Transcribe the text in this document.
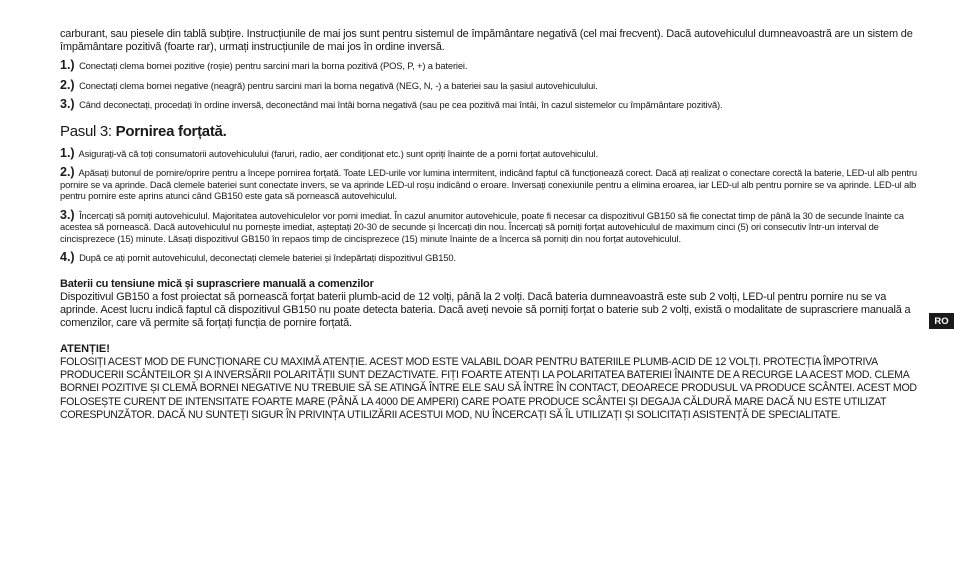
carburant, sau piesele din tablă subțire. Instrucțiunile de mai jos sunt pentru sistemul de împământare negativă (cel mai frecvent). Dacă autovehiculul dumneavoastră are un sistem de împământare pozitivă (foarte rar), urmați instrucțiunile de mai jos în ordine inversă.

1.) Conectați clema bornei pozitive (roșie) pentru sarcini mari la borna pozitivă (POS, P, +) a bateriei.

2.) Conectați clema bornei negative (neagră) pentru sarcini mari la borna negativă (NEG, N, -) a bateriei sau la șasiul autovehiculului.

3.) Când deconectați, procedați în ordine inversă, deconectând mai întâi borna negativă (sau pe cea pozitivă mai întâi, în cazul sistemelor cu împământare pozitivă).

Pasul 3: Pornirea forțată.

1.) Asigurați-vă că toți consumatorii autovehiculului (faruri, radio, aer condiționat etc.) sunt opriți înainte de a porni forțat autovehiculul.

2.) Apăsați butonul de pornire/oprire pentru a începe pornirea forțată. Toate LED-urile vor lumina intermitent, indicând faptul că funcționează corect. Dacă ați realizat o conectare corectă la baterie, LED-ul alb pentru pornire se va aprinde. Dacă clemele bateriei sunt conectate invers, se va aprinde LED-ul roșu indicând o eroare. Inversați conexiunile pentru a elimina eroarea, iar LED-ul alb pentru pornire se va aprinde. LED-ul alb pentru pornire este aprins atunci când GB150 este gata să pornească autovehiculul.

3.) Încercați să porniți autovehiculul. Majoritatea autovehiculelor vor porni imediat. În cazul anumitor autovehicule, poate fi necesar ca dispozitivul GB150 să fie conectat timp de până la 30 de secunde înainte ca acestea să pornească. Dacă autovehiculul nu pornește imediat, așteptați 20-30 de secunde și încercați din nou. Încercați să porniți forțat autovehiculul de maximum cinci (5) ori consecutiv într-un interval de cincisprezece (15) minute. Lăsați dispozitivul GB150 în repaos timp de cincisprezece (15) minute înainte de a încerca să porniți din nou forțat autovehiculul.

4.) După ce ați pornit autovehiculul, deconectați clemele bateriei și îndepărtați dispozitivul GB150.

Baterii cu tensiune mică și suprascriere manuală a comenzilor

Dispozitivul GB150 a fost proiectat să pornească forțat baterii plumb-acid de 12 volți, până la 2 volți. Dacă bateria dumneavoastră este sub 2 volți, LED-ul pentru pornire nu se va aprinde. Acest lucru indică faptul că dispozitivul GB150 nu poate detecta bateria. Dacă aveți nevoie să porniți forțat o baterie sub 2 volți, există o modalitate de suprascriere manuală a comenzilor, care vă permite să forțați funcția de pornire forțată.

ATENȚIE!

FOLOSIȚI ACEST MOD DE FUNCȚIONARE CU MAXIMĂ ATENȚIE. ACEST MOD ESTE VALABIL DOAR PENTRU BATERIILE PLUMB-ACID DE 12 VOLȚI. PROTECȚIA ÎMPOTRIVA PRODUCERII SCÂNTEILOR ȘI A INVERSĂRII POLARITĂȚII SUNT DEZACTIVATE. FIȚI FOARTE ATENȚI LA POLARITATEA BATERIEI ÎNAINTE DE A RECURGE LA ACEST MOD. CLEMA BORNEI POZITIVE ȘI CLEMĂ BORNEI NEGATIVE NU TREBUIE SĂ SE ATINGĂ ÎNTRE ELE SAU SĂ ÎNTRE ÎN CONTACT, DEOARECE PRODUSUL VA PRODUCE SCÂNTEI. ACEST MOD FOLOSEȘTE CURENT DE INTENSITATE FOARTE MARE (PÂNĂ LA 4000 DE AMPERI) CARE POATE PRODUCE SCÂNTEI ȘI DEGAJA CĂLDURĂ MARE DACĂ NU ESTE UTILIZAT CORESPUNZĂTOR. DACĂ NU SUNTEȚI SIGUR ÎN PRIVINȚA UTILIZĂRII ACESTUI MOD, NU ÎNCERCAȚI SĂ ÎL UTILIZAȚI ȘI SOLICITAȚI ASISTENȚĂ DE SPECIALITATE.

RO
